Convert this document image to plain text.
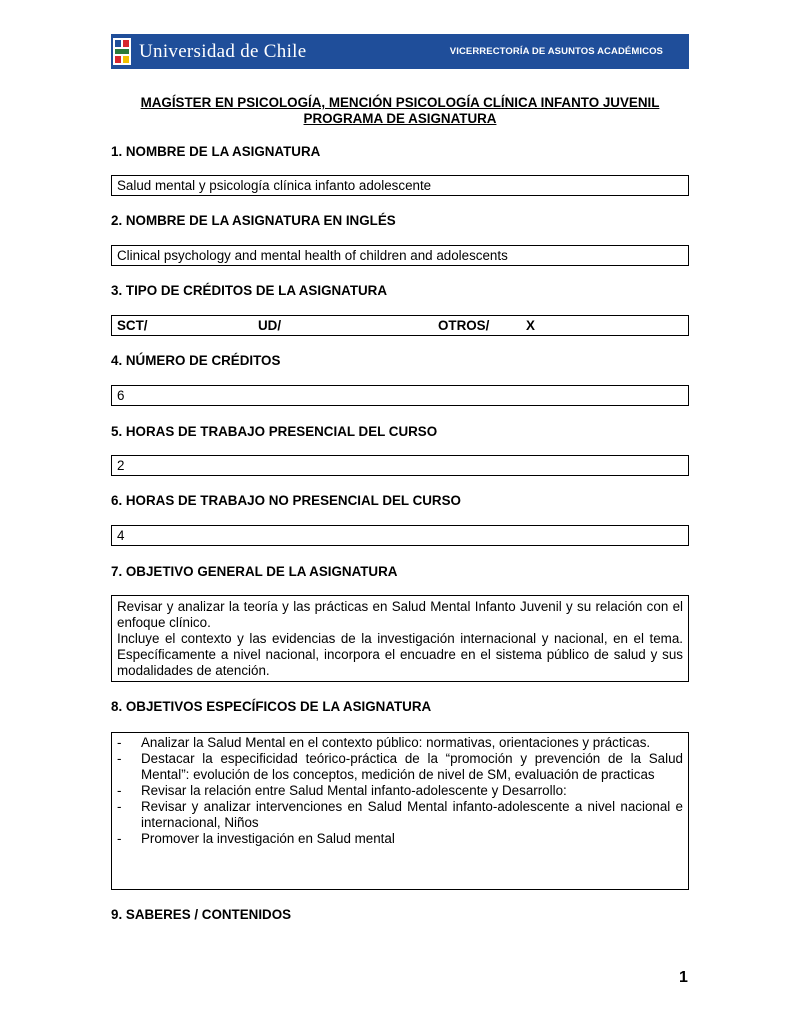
Universidad de Chile	VICERRECTORÍA DE ASUNTOS ACADÉMICOS
MAGÍSTER EN PSICOLOGÍA, MENCIÓN PSICOLOGÍA CLÍNICA INFANTO JUVENIL
PROGRAMA DE ASIGNATURA
1. NOMBRE DE LA ASIGNATURA
Salud mental y psicología clínica infanto adolescente
2. NOMBRE DE LA ASIGNATURA EN INGLÉS
Clinical psychology and mental health of children and adolescents
3. TIPO DE CRÉDITOS DE LA ASIGNATURA
SCT/	UD/	OTROS/	X
4. NÚMERO DE CRÉDITOS
6
5. HORAS DE TRABAJO PRESENCIAL DEL CURSO
2
6. HORAS DE TRABAJO NO PRESENCIAL DEL CURSO
4
7. OBJETIVO GENERAL DE LA ASIGNATURA

Revisar y analizar la teoría y las prácticas en Salud Mental Infanto Juvenil y su relación con el enfoque clínico.

Incluye el contexto y las evidencias de la investigación internacional y nacional, en el tema. Específicamente a nivel nacional, incorpora el encuadre en el sistema público de salud y sus modalidades de atención.

8. OBJETIVOS ESPECÍFICOS DE LA ASIGNATURA
- Analizar la Salud Mental en el contexto público: normativas, orientaciones y prácticas.
- Destacar la especificidad teórico-práctica de la “promoción y prevención de la Salud Mental”: evolución de los conceptos, medición de nivel de SM, evaluación de practicas
- Revisar la relación entre Salud Mental infanto-adolescente y Desarrollo:
- Revisar y analizar intervenciones en Salud Mental infanto-adolescente a nivel nacional e internacional, Niños
- Promover la investigación en Salud mental
9. SABERES / CONTENIDOS
1
